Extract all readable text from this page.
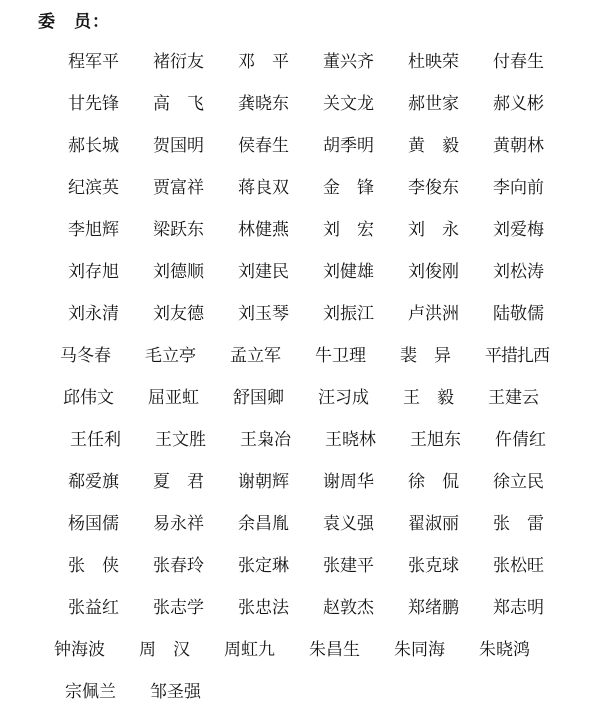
委　员：
程军平 褚衍友 邓　平 董兴齐 杜映荣 付春生
甘先锋 高　飞 龚晓东 关文龙 郝世家 郝义彬
郝长城 贺国明 侯春生 胡季明 黄　毅 黄朝林
纪滨英 贾富祥 蒋良双 金　锋 李俊东 李向前
李旭辉 梁跃东 林健燕 刘　宏 刘　永 刘爱梅
刘存旭 刘德顺 刘建民 刘健雄 刘俊刚 刘松涛
刘永清 刘友德 刘玉琴 刘振江 卢洪洲 陆敬儒
马冬春 毛立亭 孟立军 牛卫理 裴　异 平措扎西
邱伟文 屈亚虹 舒国卿 汪习成 王　毅 王建云
王任利 王文胜 王枭冶 王晓林 王旭东 仵倩红
郗爱旗 夏　君 谢朝辉 谢周华 徐　侃 徐立民
杨国儒 易永祥 余昌胤 袁义强 翟淑丽 张　雷
张　侠 张春玲 张定琳 张建平 张克球 张松旺
张益红 张志学 张忠法 赵敦杰 郑绪鹏 郑志明
钟海波 周　汉 周虹九 朱昌生 朱同海 朱晓鸿
宗佩兰 邹圣强
